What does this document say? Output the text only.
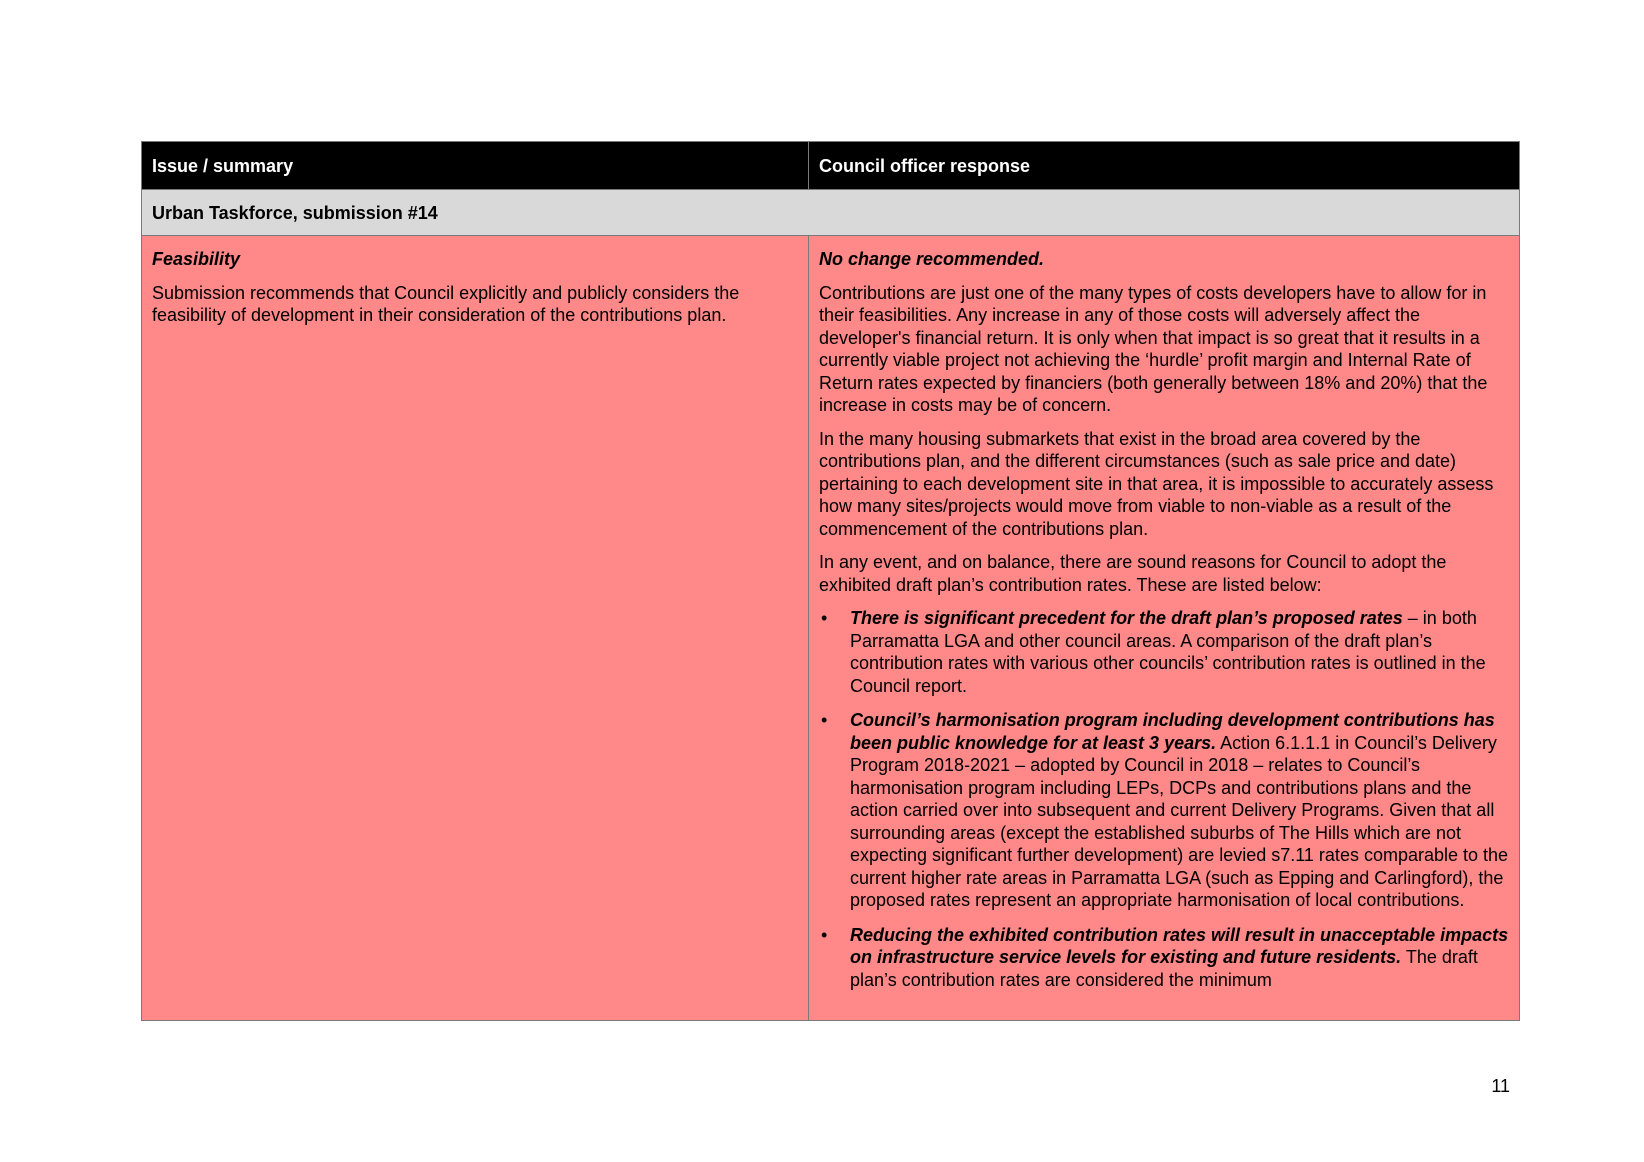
Issue / summary	Council officer response
Urban Taskforce, submission #14

Feasibility

Submission recommends that Council explicitly and publicly considers the feasibility of development in their consideration of the contributions plan.

No change recommended.

Contributions are just one of the many types of costs developers have to allow for in their feasibilities. Any increase in any of those costs will adversely affect the developer's financial return. It is only when that impact is so great that it results in a currently viable project not achieving the ‘hurdle’ profit margin and Internal Rate of Return rates expected by financiers (both generally between 18% and 20%) that the increase in costs may be of concern.

In the many housing submarkets that exist in the broad area covered by the contributions plan, and the different circumstances (such as sale price and date) pertaining to each development site in that area, it is impossible to accurately assess how many sites/projects would move from viable to non-viable as a result of the commencement of the contributions plan.

In any event, and on balance, there are sound reasons for Council to adopt the exhibited draft plan’s contribution rates. These are listed below:

• There is significant precedent for the draft plan’s proposed rates – in both Parramatta LGA and other council areas. A comparison of the draft plan’s contribution rates with various other councils’ contribution rates is outlined in the Council report.
• Council’s harmonisation program including development contributions has been public knowledge for at least 3 years. Action 6.1.1.1 in Council’s Delivery Program 2018-2021 – adopted by Council in 2018 – relates to Council’s harmonisation program including LEPs, DCPs and contributions plans and the action carried over into subsequent and current Delivery Programs. Given that all surrounding areas (except the established suburbs of The Hills which are not expecting significant further development) are levied s7.11 rates comparable to the current higher rate areas in Parramatta LGA (such as Epping and Carlingford), the proposed rates represent an appropriate harmonisation of local contributions.
• Reducing the exhibited contribution rates will result in unacceptable impacts on infrastructure service levels for existing and future residents. The draft plan’s contribution rates are considered the minimum
11
